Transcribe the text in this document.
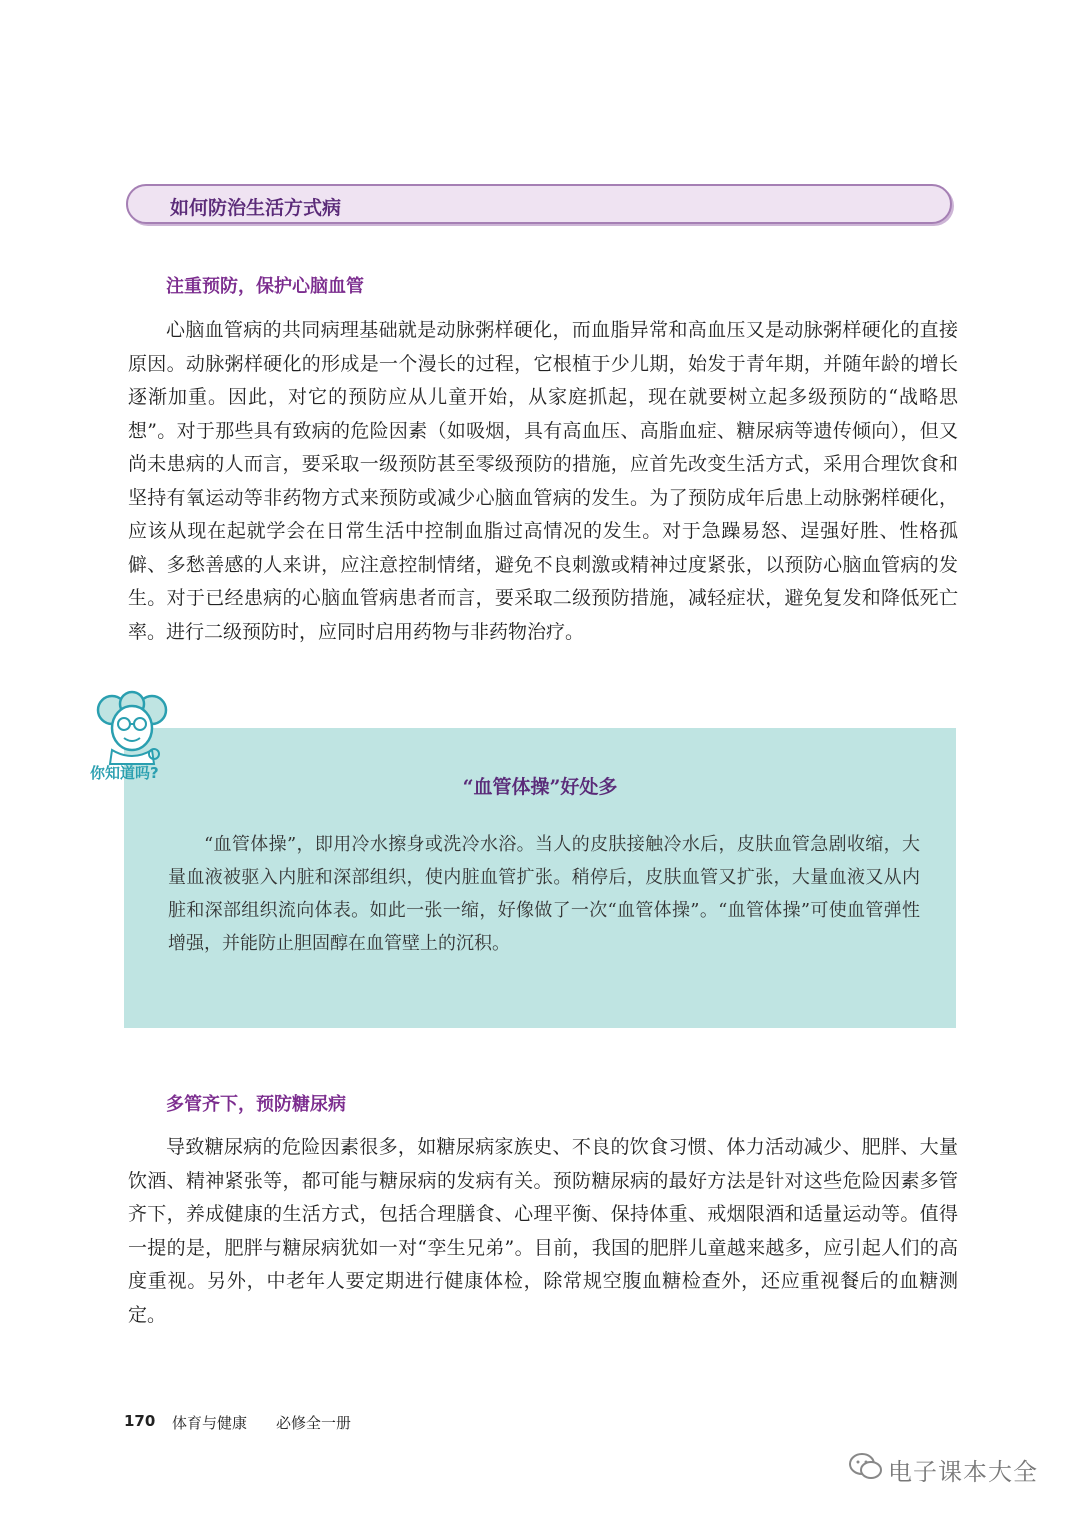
如何防治生活方式病
注重预防，保护心脑血管

心脑血管病的共同病理基础就是动脉粥样硬化，而血脂异常和高血压又是动脉粥样硬化的直接原因。动脉粥样硬化的形成是一个漫长的过程，它根植于少儿期，始发于青年期，并随年龄的增长逐渐加重。因此，对它的预防应从儿童开始，从家庭抓起，现在就要树立起多级预防的“战略思想”。对于那些具有致病的危险因素（如吸烟，具有高血压、高脂血症、糖尿病等遗传倾向），但又尚未患病的人而言，要采取一级预防甚至零级预防的措施，应首先改变生活方式，采用合理饮食和坚持有氧运动等非药物方式来预防或减少心脑血管病的发生。为了预防成年后患上动脉粥样硬化，应该从现在起就学会在日常生活中控制血脂过高情况的发生。对于急躁易怒、逞强好胜、性格孤僻、多愁善感的人来讲，应注意控制情绪，避免不良刺激或精神过度紧张，以预防心脑血管病的发生。对于已经患病的心脑血管病患者而言，要采取二级预防措施，减轻症状，避免复发和降低死亡率。进行二级预防时，应同时启用药物与非药物治疗。

“血管体操”好处多

“血管体操”，即用冷水擦身或洗冷水浴。当人的皮肤接触冷水后，皮肤血管急剧收缩，大量血液被驱入内脏和深部组织，使内脏血管扩张。稍停后，皮肤血管又扩张，大量血液又从内脏和深部组织流向体表。如此一张一缩，好像做了一次“血管体操”。“血管体操”可使血管弹性增强，并能防止胆固醇在血管壁上的沉积。

你知道吗?
多管齐下，预防糖尿病

导致糖尿病的危险因素很多，如糖尿病家族史、不良的饮食习惯、体力活动减少、肥胖、大量饮酒、精神紧张等，都可能与糖尿病的发病有关。预防糖尿病的最好方法是针对这些危险因素多管齐下，养成健康的生活方式，包括合理膳食、心理平衡、保持体重、戒烟限酒和适量运动等。值得一提的是，肥胖与糖尿病犹如一对“孪生兄弟”。目前，我国的肥胖儿童越来越多，应引起人们的高度重视。另外，中老年人要定期进行健康体检，除常规空腹血糖检查外，还应重视餐后的血糖测定。

170 体育与健康 必修全一册
电子课本大全
